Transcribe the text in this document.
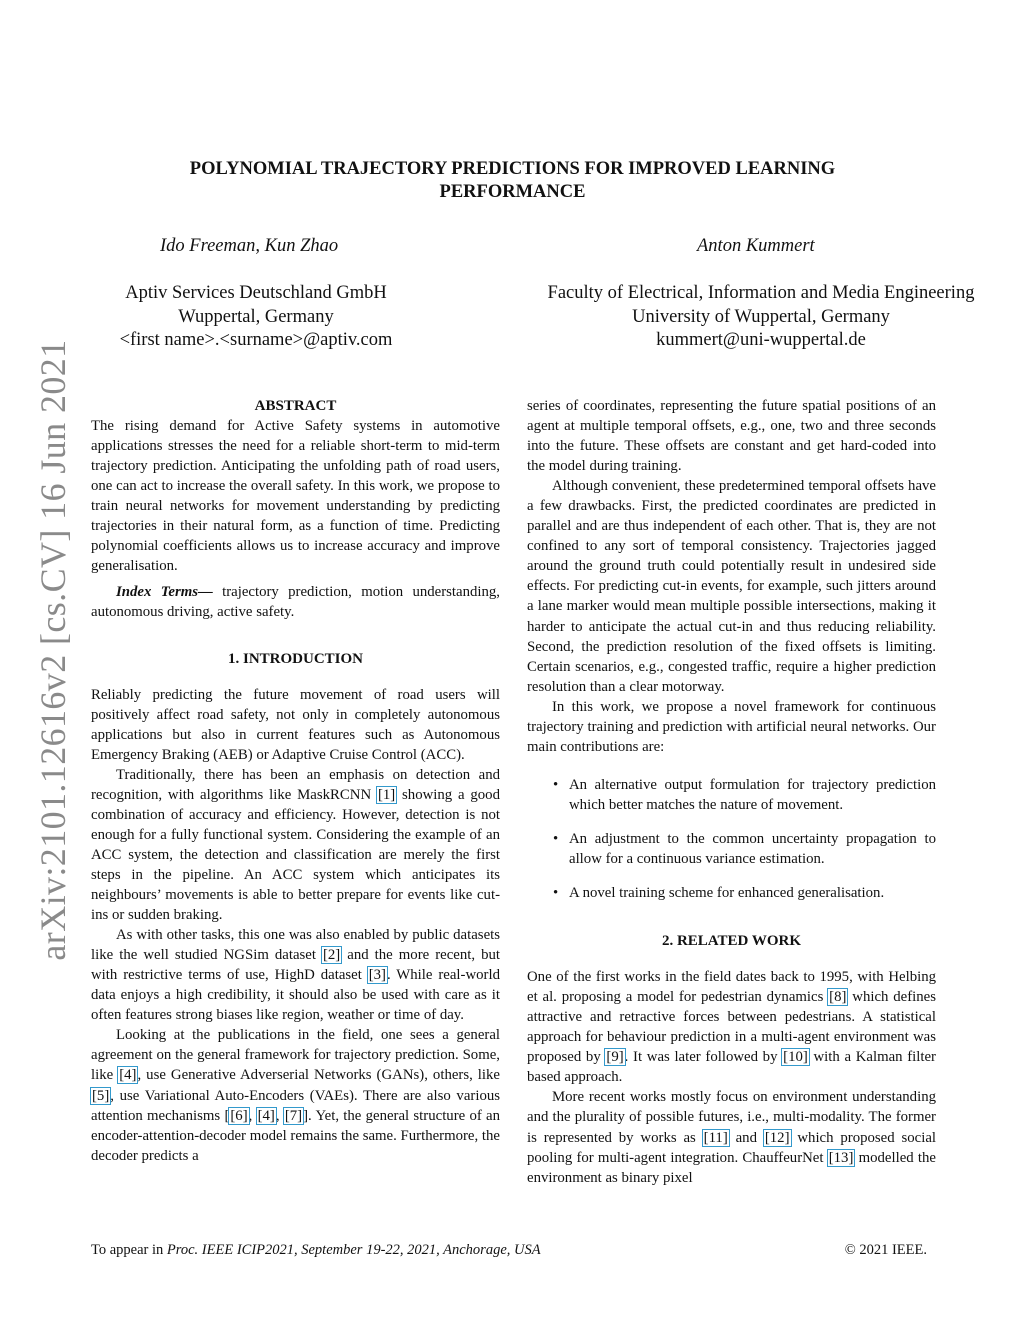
arXiv:2101.12616v2 [cs.CV] 16 Jun 2021
POLYNOMIAL TRAJECTORY PREDICTIONS FOR IMPROVED LEARNING
PERFORMANCE
Ido Freeman, Kun Zhao	Anton Kummert
Aptiv Services Deutschland GmbH
Wuppertal, Germany
<first name>.<surname>@aptiv.com
Faculty of Electrical, Information and Media Engineering
University of Wuppertal, Germany
kummert@uni-wuppertal.de

ABSTRACT

The rising demand for Active Safety systems in automotive applications stresses the need for a reliable short-term to mid-term trajectory prediction. Anticipating the unfolding path of road users, one can act to increase the overall safety. In this work, we propose to train neural networks for movement understanding by predicting trajectories in their natural form, as a function of time. Predicting polynomial coefficients allows us to increase accuracy and improve generalisation.

Index Terms— trajectory prediction, motion understanding, autonomous driving, active safety.

1. INTRODUCTION

Reliably predicting the future movement of road users will positively affect road safety, not only in completely autonomous applications but also in current features such as Autonomous Emergency Braking (AEB) or Adaptive Cruise Control (ACC).

Traditionally, there has been an emphasis on detection and recognition, with algorithms like MaskRCNN [1] showing a good combination of accuracy and efficiency. However, detection is not enough for a fully functional system. Considering the example of an ACC system, the detection and classification are merely the first steps in the pipeline. An ACC system which anticipates its neighbours’ movements is able to better prepare for events like cut-ins or sudden braking.

As with other tasks, this one was also enabled by public datasets like the well studied NGSim dataset [2] and the more recent, but with restrictive terms of use, HighD dataset [3]. While real-world data enjoys a high credibility, it should also be used with care as it often features strong biases like region, weather or time of day.

Looking at the publications in the field, one sees a general agreement on the general framework for trajectory prediction. Some, like [4], use Generative Adverserial Networks (GANs), others, like [5], use Variational Auto-Encoders (VAEs). There are also various attention mechanisms [[6], [4], [7]]. Yet, the general structure of an encoder-attention-decoder model remains the same. Furthermore, the decoder predicts a

series of coordinates, representing the future spatial positions of an agent at multiple temporal offsets, e.g., one, two and three seconds into the future. These offsets are constant and get hard-coded into the model during training.

Although convenient, these predetermined temporal offsets have a few drawbacks. First, the predicted coordinates are predicted in parallel and are thus independent of each other. That is, they are not confined to any sort of temporal consistency. Trajectories jagged around the ground truth could potentially result in undesired side effects. For predicting cut-in events, for example, such jitters around a lane marker would mean multiple possible intersections, making it harder to anticipate the actual cut-in and thus reducing reliability. Second, the prediction resolution of the fixed offsets is limiting. Certain scenarios, e.g., congested traffic, require a higher prediction resolution than a clear motorway.

In this work, we propose a novel framework for continuous trajectory training and prediction with artificial neural networks. Our main contributions are:

• An alternative output formulation for trajectory prediction which better matches the nature of movement.
• An adjustment to the common uncertainty propagation to allow for a continuous variance estimation.
• A novel training scheme for enhanced generalisation.

2. RELATED WORK

One of the first works in the field dates back to 1995, with Helbing et al. proposing a model for pedestrian dynamics [8] which defines attractive and retractive forces between pedestrians. A statistical approach for behaviour prediction in a multi-agent environment was proposed by [9]. It was later followed by [10] with a Kalman filter based approach.

More recent works mostly focus on environment understanding and the plurality of possible futures, i.e., multi-modality. The former is represented by works as [11] and [12] which proposed social pooling for multi-agent integration. ChauffeurNet [13] modelled the environment as binary pixel

To appear in Proc. IEEE ICIP2021, September 19-22, 2021, Anchorage, USA	© 2021 IEEE.
